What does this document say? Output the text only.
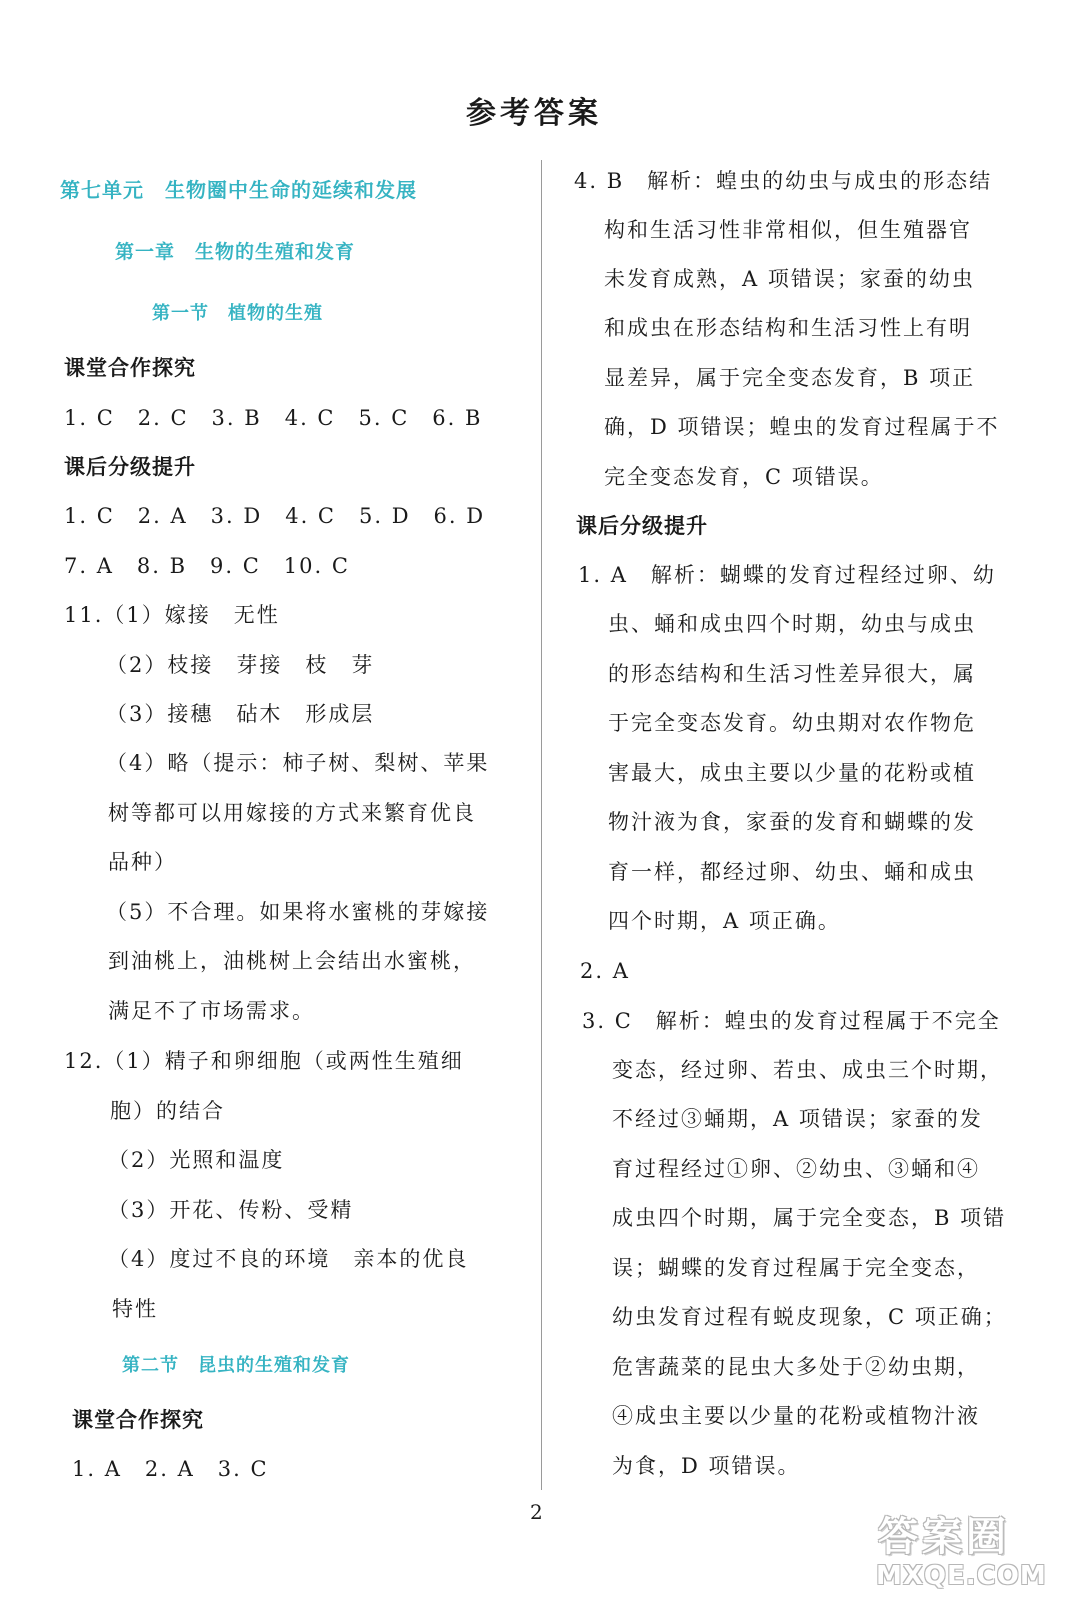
参考答案
第七单元　生物圈中生命的延续和发展
第一章　生物的生殖和发育
第一节　植物的生殖
课堂合作探究
1. C　2. C　3. B　4. C　5. C　6. B
课后分级提升
1. C　2. A　3. D　4. C　5. D　6. D
7. A　8. B　9. C　10. C
11.（1）嫁接　无性
（2）枝接　芽接　枝　芽
（3）接穗　砧木　形成层
（4）略（提示：柿子树、梨树、苹果
树等都可以用嫁接的方式来繁育优良
品种）
（5）不合理。如果将水蜜桃的芽嫁接
到油桃上，油桃树上会结出水蜜桃，
满足不了市场需求。
12.（1）精子和卵细胞（或两性生殖细
胞）的结合
（2）光照和温度
（3）开花、传粉、受精
（4）度过不良的环境　亲本的优良
特性
第二节　昆虫的生殖和发育
课堂合作探究
1. A　2. A　3. C
4. B　解析：蝗虫的幼虫与成虫的形态结
构和生活习性非常相似，但生殖器官
未发育成熟，A 项错误；家蚕的幼虫
和成虫在形态结构和生活习性上有明
显差异，属于完全变态发育，B 项正
确，D 项错误；蝗虫的发育过程属于不
完全变态发育，C 项错误。
课后分级提升
1. A　解析：蝴蝶的发育过程经过卵、幼
虫、蛹和成虫四个时期，幼虫与成虫
的形态结构和生活习性差异很大，属
于完全变态发育。幼虫期对农作物危
害最大，成虫主要以少量的花粉或植
物汁液为食，家蚕的发育和蝴蝶的发
育一样，都经过卵、幼虫、蛹和成虫
四个时期，A 项正确。
2. A
3. C　解析：蝗虫的发育过程属于不完全
变态，经过卵、若虫、成虫三个时期，
不经过③蛹期，A 项错误；家蚕的发
育过程经过①卵、②幼虫、③蛹和④
成虫四个时期，属于完全变态，B 项错
误；蝴蝶的发育过程属于完全变态，
幼虫发育过程有蜕皮现象，C 项正确；
危害蔬菜的昆虫大多处于②幼虫期，
④成虫主要以少量的花粉或植物汁液
为食，D 项错误。
2
答案圈
MXQE.COM
